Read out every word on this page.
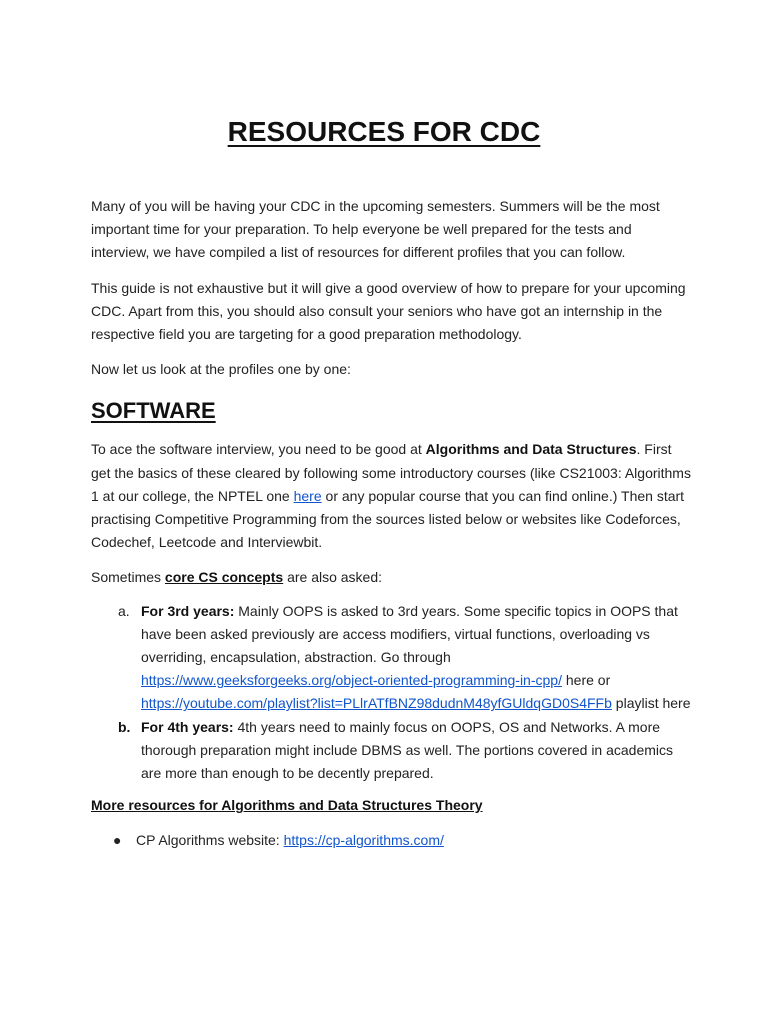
RESOURCES FOR CDC

Many of you will be having your CDC in the upcoming semesters. Summers will be the most important time for your preparation. To help everyone be well prepared for the tests and interview, we have compiled a list of resources for different profiles that you can follow.

This guide is not exhaustive but it will give a good overview of how to prepare for your upcoming CDC. Apart from this, you should also consult your seniors who have got an internship in the respective field you are targeting for a good preparation methodology.

Now let us look at the profiles one by one:

SOFTWARE

To ace the software interview, you need to be good at Algorithms and Data Structures. First get the basics of these cleared by following some introductory courses (like CS21003: Algorithms 1 at our college, the NPTEL one here or any popular course that you can find online.) Then start practising Competitive Programming from the sources listed below or websites like Codeforces, Codechef, Leetcode and Interviewbit.

Sometimes core CS concepts are also asked:

a. For 3rd years: Mainly OOPS is asked to 3rd years. Some specific topics in OOPS that have been asked previously are access modifiers, virtual functions, overloading vs overriding, encapsulation, abstraction. Go through https://www.geeksforgeeks.org/object-oriented-programming-in-cpp/ here or https://youtube.com/playlist?list=PLlrATfBNZ98dudnM48yfGUldqGD0S4FFb playlist here
b. For 4th years: 4th years need to mainly focus on OOPS, OS and Networks. A more thorough preparation might include DBMS as well. The portions covered in academics are more than enough to be decently prepared.
More resources for Algorithms and Data Structures Theory
● CP Algorithms website: https://cp-algorithms.com/
